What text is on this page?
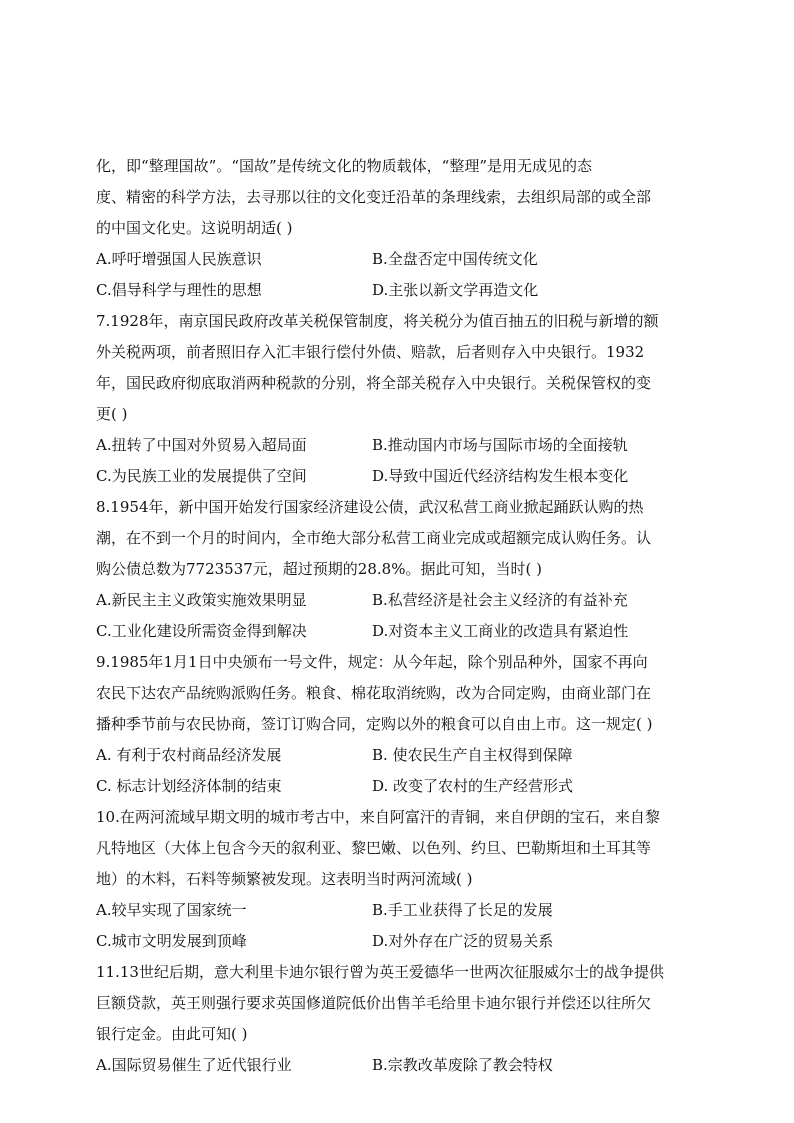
化，即“整理国故”。“国故”是传统文化的物质载体，“整理”是用无成见的态
度、精密的科学方法，去寻那以往的文化变迁沿革的条理线索，去组织局部的或全部
的中国文化史。这说明胡适( )
A.呼吁增强国人民族意识	B.全盘否定中国传统文化
C.倡导科学与理性的思想	D.主张以新文学再造文化
7.1928年，南京国民政府改革关税保管制度，将关税分为值百抽五的旧税与新增的额
外关税两项，前者照旧存入汇丰银行偿付外债、赔款，后者则存入中央银行。1932
年，国民政府彻底取消两种税款的分别，将全部关税存入中央银行。关税保管权的变
更( )
A.扭转了中国对外贸易入超局面	B.推动国内市场与国际市场的全面接轨
C.为民族工业的发展提供了空间	D.导致中国近代经济结构发生根本变化
8.1954年，新中国开始发行国家经济建设公债，武汉私营工商业掀起踊跃认购的热
潮，在不到一个月的时间内，全市绝大部分私营工商业完成或超额完成认购任务。认
购公债总数为7723537元，超过预期的28.8%。据此可知，当时( )
A.新民主主义政策实施效果明显	B.私营经济是社会主义经济的有益补充
C.工业化建设所需资金得到解决	D.对资本主义工商业的改造具有紧迫性
9.1985年1月1日中央颁布一号文件，规定：从今年起，除个别品种外，国家不再向
农民下达农产品统购派购任务。粮食、棉花取消统购，改为合同定购，由商业部门在
播种季节前与农民协商，签订订购合同，定购以外的粮食可以自由上市。这一规定( )
A. 有利于农村商品经济发展	B. 使农民生产自主权得到保障
C. 标志计划经济体制的结束	D. 改变了农村的生产经营形式
10.在两河流域早期文明的城市考古中，来自阿富汗的青铜，来自伊朗的宝石，来自黎
凡特地区（大体上包含今天的叙利亚、黎巴嫩、以色列、约旦、巴勒斯坦和土耳其等
地）的木料，石料等频繁被发现。这表明当时两河流域( )
A.较早实现了国家统一	B.手工业获得了长足的发展
C.城市文明发展到顶峰	D.对外存在广泛的贸易关系
11.13世纪后期，意大利里卡迪尔银行曾为英王爱德华一世两次征服威尔士的战争提供
巨额贷款，英王则强行要求英国修道院低价出售羊毛给里卡迪尔银行并偿还以往所欠
银行定金。由此可知( )
A.国际贸易催生了近代银行业	B.宗教改革废除了教会特权
